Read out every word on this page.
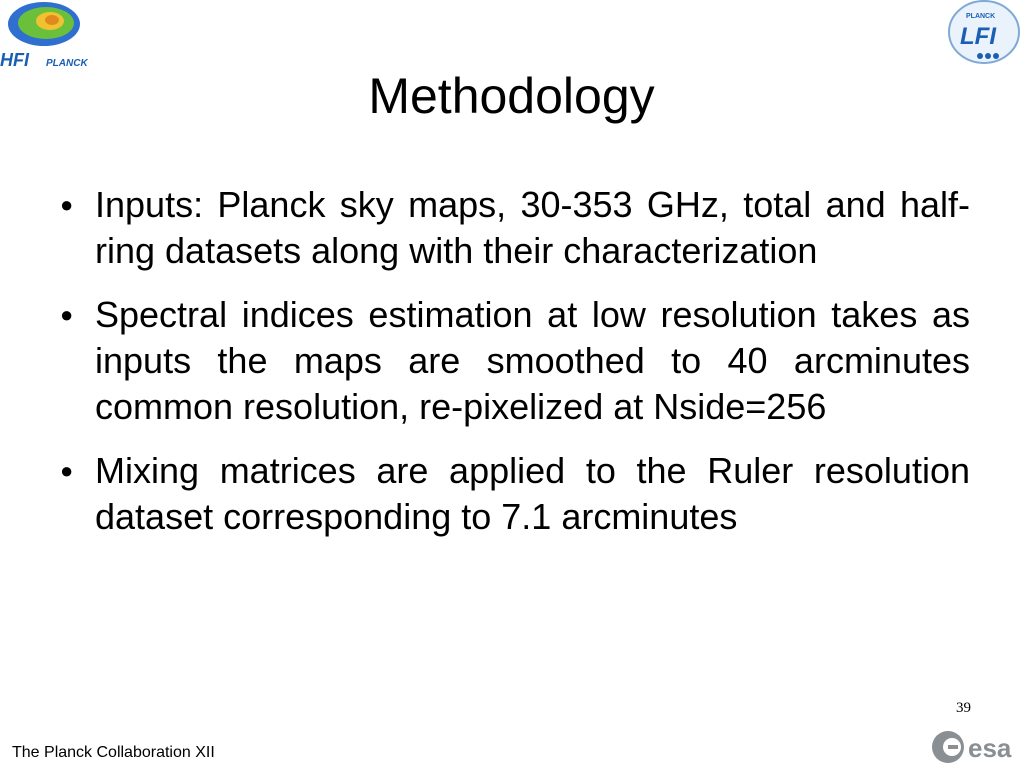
HFI PLANCK
PLANCK
LFI
Methodology
● Inputs: Planck sky maps, 30-353 GHz, total and half-ring datasets along with their characterization
● Spectral indices estimation at low resolution takes as inputs the maps are smoothed to 40 arcminutes common resolution, re-pixelized at Nside=256
● Mixing matrices are applied to the Ruler resolution dataset corresponding to 7.1 arcminutes
39
The Planck Collaboration XII	esa
